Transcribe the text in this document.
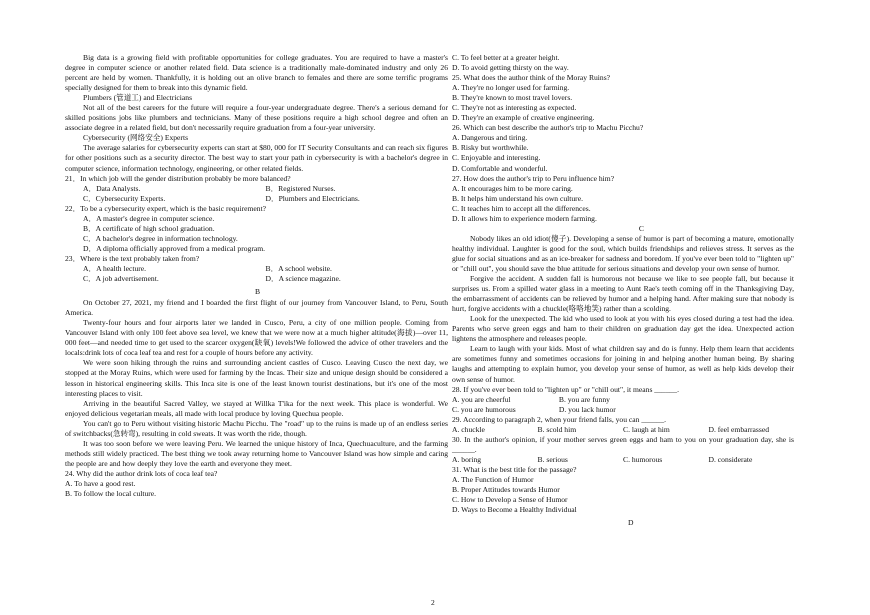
Big data is a growing field with profitable opportunities for college graduates. You are required to have a master's degree in computer science or another related field. Data science is a traditionally male-dominated industry and only 26 percent are held by women. Thankfully, it is holding out an olive branch to females and there are some terrific programs specially designed for them to break into this dynamic field.

Plumbers (管道工) and Electricians

Not all of the best careers for the future will require a four-year undergraduate degree. There's a serious demand for skilled positions jobs like plumbers and technicians. Many of these positions require a high school degree and often an associate degree in a related field, but don't necessarily require graduation from a four-year university.

Cybersecurity (网络安全) Experts

The average salaries for cybersecurity experts can start at $80, 000 for IT Security Consultants and can reach six figures for other positions such as a security director. The best way to start your path in cybersecurity is with a bachelor's degree in computer science, information technology, engineering, or other related fields.

21．In which job will the gender distribution probably be more balanced?

A．Data Analysts.	B．Registered Nurses.
C．Cybersecurity Experts.	D．Plumbers and Electricians.

22．To be a cybersecurity expert, which is the basic requirement?

A．A master's degree in computer science.

B．A certificate of high school graduation.

C．A bachelor's degree in information technology.

D．A diploma officially approved from a medical program.

23．Where is the text probably taken from?

A．A health lecture.	B．A school website.
C．A job advertisement.	D．A science magazine.

B

On October 27, 2021, my friend and I boarded the first flight of our journey from Vancouver Island, to Peru, South America.

Twenty-four hours and four airports later we landed in Cusco, Peru, a city of one million people. Coming from Vancouver Island with only 100 feet above sea level, we knew that we were now at a much higher altitude(海拔)—over 11, 000 feet—and needed time to get used to the scarcer oxygen(缺氧) levels!We followed the advice of other travelers and the locals:drink lots of coca leaf tea and rest for a couple of hours before any activity.

We were soon hiking through the ruins and surrounding ancient castles of Cusco. Leaving Cusco the next day, we stopped at the Moray Ruins, which were used for farming by the Incas. Their size and unique design should be considered a lesson in historical engineering skills. This Inca site is one of the least known tourist destinations, but it's one of the most interesting places to visit.

Arriving in the beautiful Sacred Valley, we stayed at Willka T'ika for the next week. This place is wonderful. We enjoyed delicious vegetarian meals, all made with local produce by loving Quechua people.

You can't go to Peru without visiting historic Machu Picchu. The "road" up to the ruins is made up of an endless series of switchbacks(急转弯), resulting in cold sweats. It was worth the ride, though.

It was too soon before we were leaving Peru. We learned the unique history of Inca, Quechuaculture, and the farming methods still widely practiced. The best thing we took away returning home to Vancouver Island was how simple and caring the people are and how deeply they love the earth and everyone they meet.

24. Why did the author drink lots of coca leaf tea?

A. To have a good rest.

B. To follow the local culture.

C. To feel better at a greater height.

D. To avoid getting thirsty on the way.

25. What does the author think of the Moray Ruins?

A. They're no longer used for farming.

B. They're known to most travel lovers.

C. They're not as interesting as expected.

D. They're an example of creative engineering.

26. Which can best describe the author's trip to Machu Picchu?

A. Dangerous and tiring.

B. Risky but worthwhile.

C. Enjoyable and interesting.

D. Comfortable and wonderful.

27. How does the author's trip to Peru influence him?

A. It encourages him to be more caring.

B. It helps him understand his own culture.

C. It teaches him to accept all the differences.

D. It allows him to experience modern farming.

C

Nobody likes an old idiot(傻子). Developing a sense of humor is part of becoming a mature, emotionally healthy individual. Laughter is good for the soul, which builds friendships and relieves stress. It serves as the glue for social situations and as an ice-breaker for sadness and boredom. If you've ever been told to "lighten up" or "chill out", you should save the blue attitude for serious situations and develop your own sense of humor.

Forgive the accident. A sudden fall is humorous not because we like to see people fall, but because it surprises us. From a spilled water glass in a meeting to Aunt Rae's teeth coming off in the Thanksgiving Day, the embarrassment of accidents can be relieved by humor and a helping hand. After making sure that nobody is hurt, forgive accidents with a chuckle(咯咯地笑) rather than a scolding.

Look for the unexpected. The kid who used to look at you with his eyes closed during a test had the idea. Parents who serve green eggs and ham to their children on graduation day get the idea. Unexpected action lightens the atmosphere and releases people.

Learn to laugh with your kids. Most of what children say and do is funny. Help them learn that accidents are sometimes funny and sometimes occasions for joining in and helping another human being. By sharing laughs and attempting to explain humor, you develop your sense of humor, as well as help kids develop their own sense of humor.

28. If you've ever been told to "lighten up" or "chill out", it means ______.

A. you are cheerful	B. you are funny
C. you are humorous	D. you lack humor

29. According to paragraph 2, when your friend falls, you can ______.

A. chuckle	B. scold him	C. laugh at him	D. feel embarrassed

30. In the author's opinion, if your mother serves green eggs and ham to you on your graduation day, she is ______.

A. boring	B. serious	C. humorous	D. considerate

31. What is the best title for the passage?

A. The Function of Humor

B. Proper Attitudes towards Humor

C. How to Develop a Sense of Humor

D. Ways to Become a Healthy Individual

D

2
